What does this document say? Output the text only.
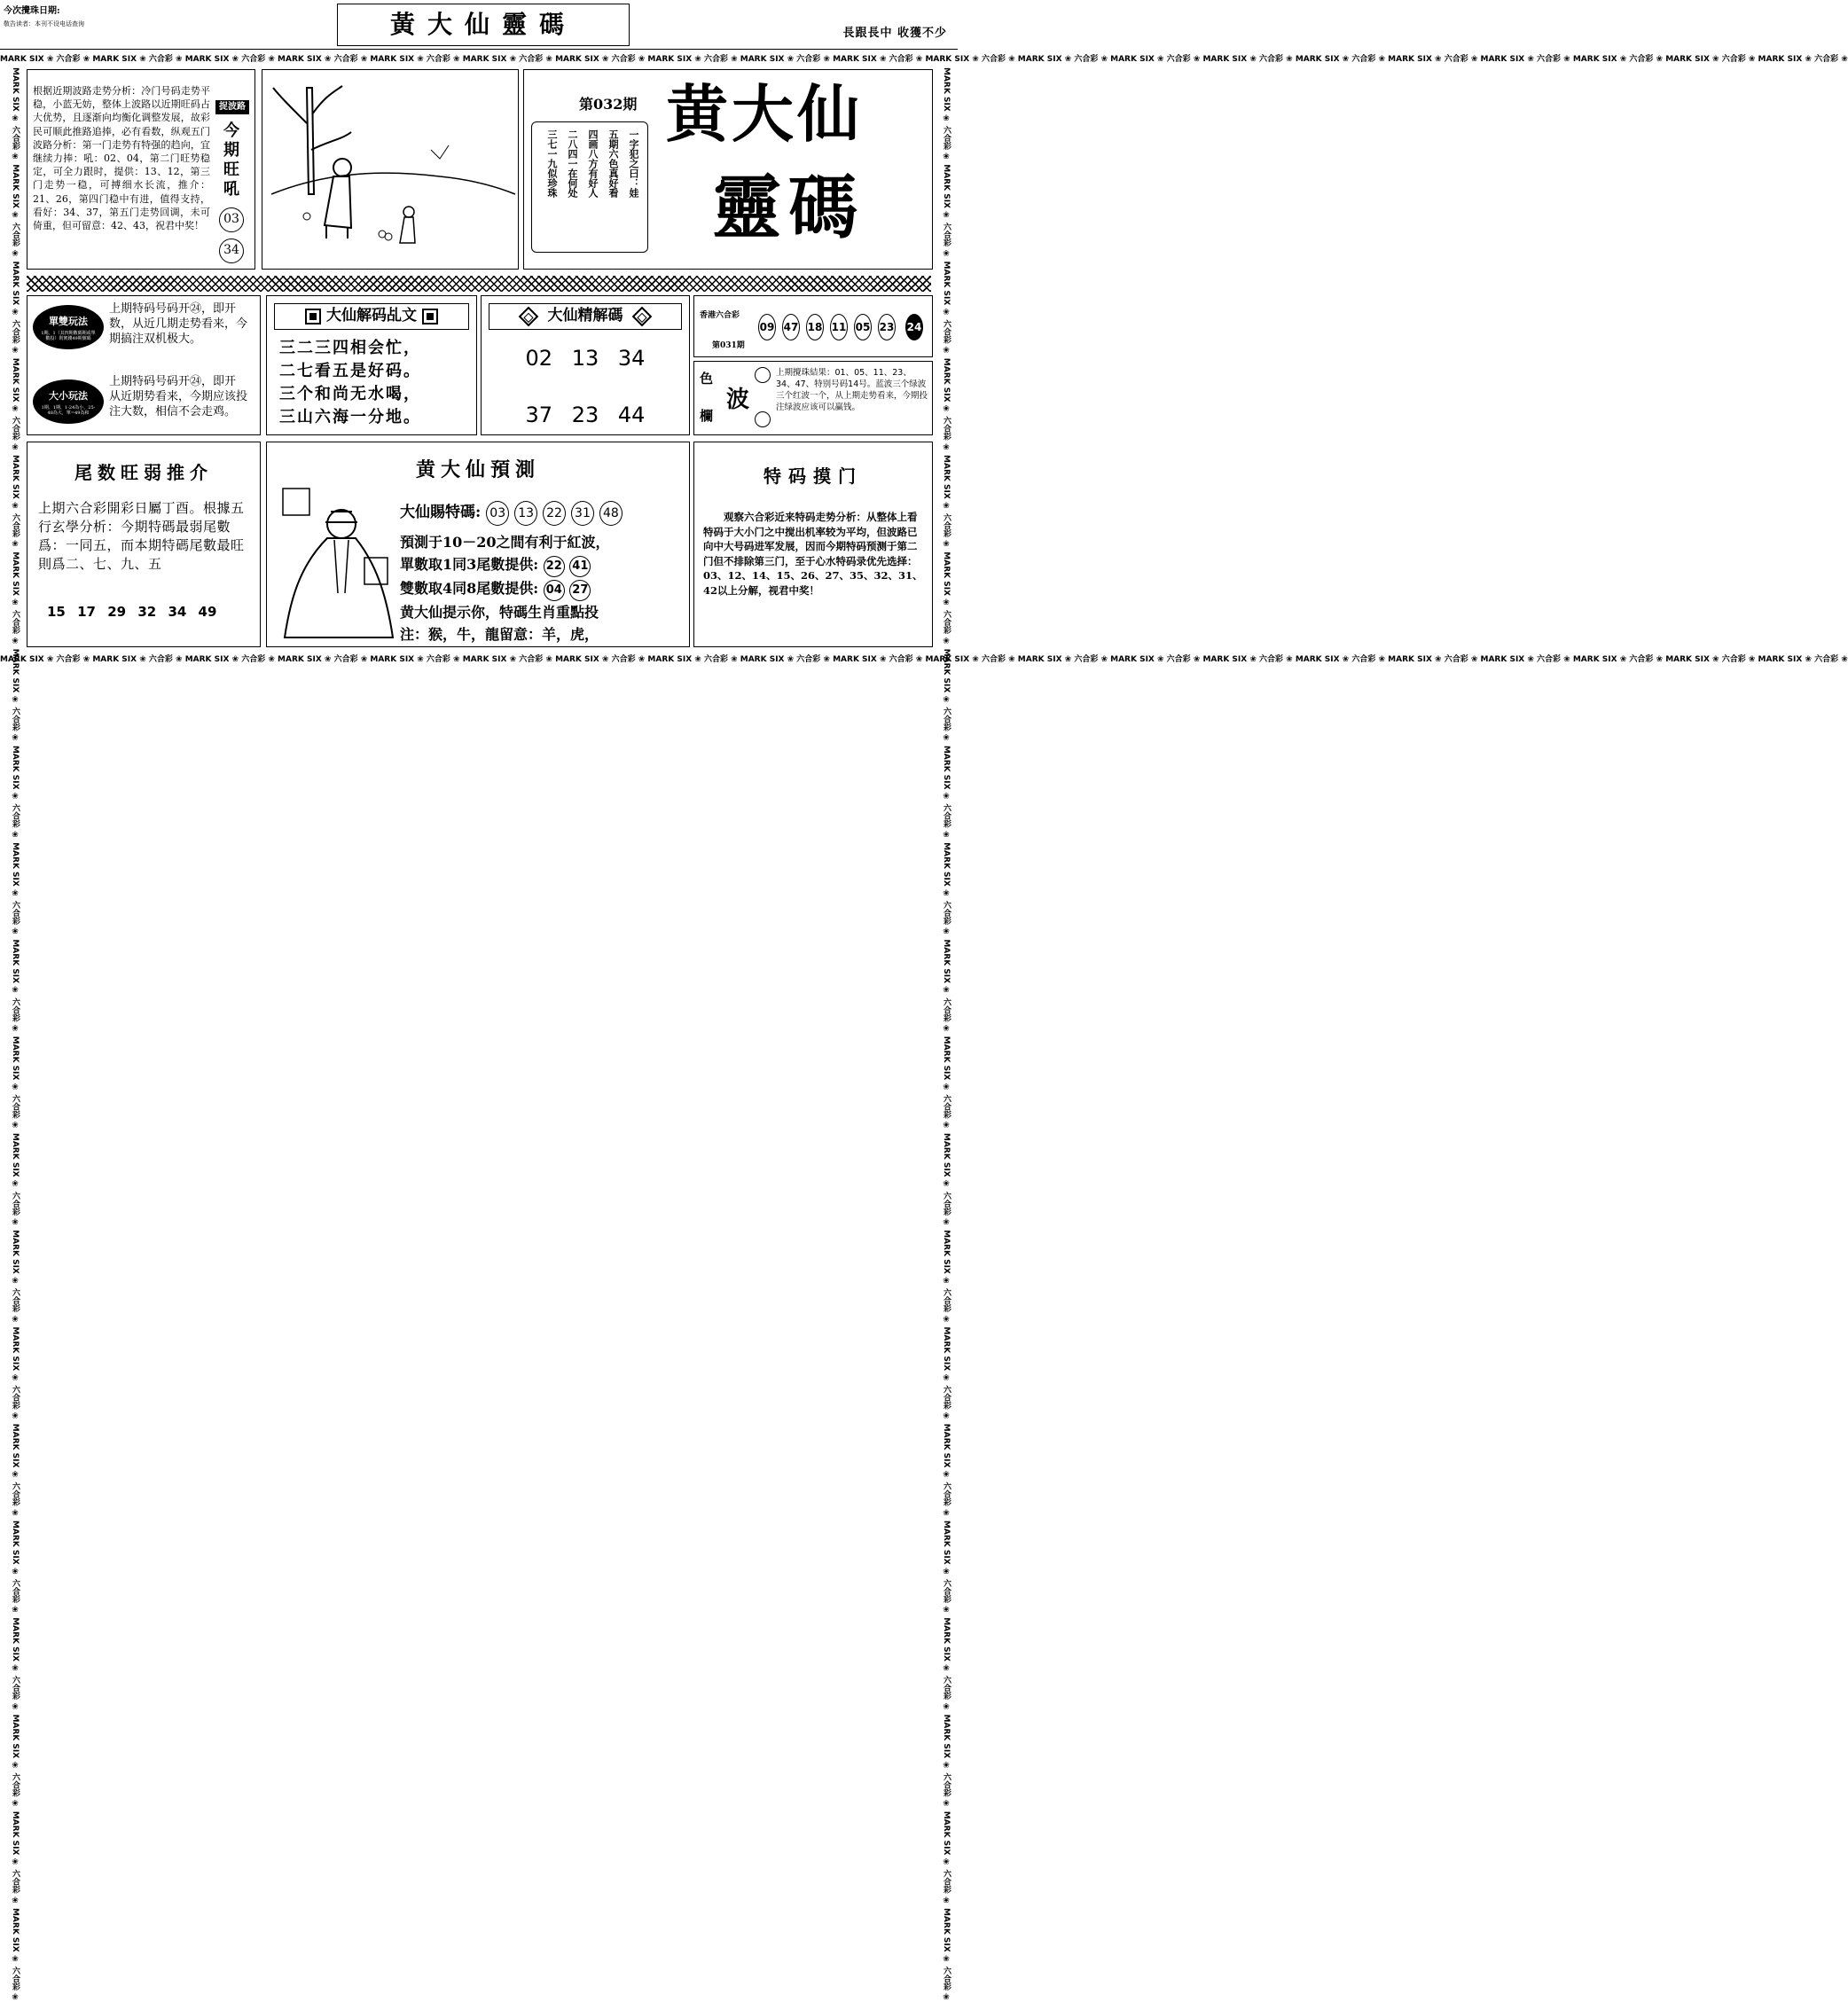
今次攪珠日期:
敬告读者：本刊不设电话查询	黃大仙靈碼	長跟長中 收獲不少
MARK SIX ❀ 六合彩 ❀ MARK SIX ❀ 六合彩 ❀ MARK SIX ❀ 六合彩 ❀ MARK SIX ❀ 六合彩 ❀ MARK SIX ❀ 六合彩 ❀ MARK SIX ❀ 六合彩 ❀ MARK SIX ❀ 六合彩 ❀ MARK SIX ❀ 六合彩 ❀ MARK SIX ❀ 六合彩 ❀ MARK SIX ❀ 六合彩 ❀ MARK SIX ❀ 六合彩 ❀ MARK SIX ❀ 六合彩 ❀ MARK SIX ❀ 六合彩 ❀ MARK SIX ❀ 六合彩 ❀ MARK SIX ❀ 六合彩 ❀ MARK SIX ❀ 六合彩 ❀ MARK SIX ❀ 六合彩 ❀ MARK SIX ❀ 六合彩 ❀ MARK SIX ❀ 六合彩 ❀ MARK SIX ❀ 六合彩 ❀
MARK SIX ❀ 六合彩 ❀ MARK SIX ❀ 六合彩 ❀ MARK SIX ❀ 六合彩 ❀ MARK SIX ❀ 六合彩 ❀ MARK SIX ❀ 六合彩 ❀ MARK SIX ❀ 六合彩 ❀ MARK SIX ❀ 六合彩 ❀ MARK SIX ❀ 六合彩 ❀ MARK SIX ❀ 六合彩 ❀ MARK SIX ❀ 六合彩 ❀ MARK SIX ❀ 六合彩 ❀ MARK SIX ❀ 六合彩 ❀ MARK SIX ❀ 六合彩 ❀ MARK SIX ❀ 六合彩 ❀ MARK SIX ❀ 六合彩 ❀ MARK SIX ❀ 六合彩 ❀ MARK SIX ❀ 六合彩 ❀ MARK SIX ❀ 六合彩 ❀ MARK SIX ❀ 六合彩 ❀ MARK SIX ❀ 六合彩 ❀
MARK SIX ❀ 六合彩 ❀ MARK SIX ❀ 六合彩 ❀ MARK SIX ❀ 六合彩 ❀ MARK SIX ❀ 六合彩 ❀ MARK SIX ❀ 六合彩 ❀ MARK SIX ❀ 六合彩 ❀ MARK SIX ❀ 六合彩 ❀ MARK SIX ❀ 六合彩 ❀ MARK SIX ❀ 六合彩 ❀ MARK SIX ❀ 六合彩 ❀ MARK SIX ❀ 六合彩 ❀ MARK SIX ❀ 六合彩 ❀ MARK SIX ❀ 六合彩 ❀ MARK SIX ❀ 六合彩 ❀ MARK SIX ❀ 六合彩 ❀ MARK SIX ❀ 六合彩 ❀ MARK SIX ❀ 六合彩 ❀ MARK SIX ❀ 六合彩 ❀ MARK SIX ❀ 六合彩 ❀ MARK SIX ❀ 六合彩 ❀	MARK SIX ❀ 六合彩 ❀ MARK SIX ❀ 六合彩 ❀ MARK SIX ❀ 六合彩 ❀ MARK SIX ❀ 六合彩 ❀ MARK SIX ❀ 六合彩 ❀ MARK SIX ❀ 六合彩 ❀ MARK SIX ❀ 六合彩 ❀ MARK SIX ❀ 六合彩 ❀ MARK SIX ❀ 六合彩 ❀ MARK SIX ❀ 六合彩 ❀ MARK SIX ❀ 六合彩 ❀ MARK SIX ❀ 六合彩 ❀ MARK SIX ❀ 六合彩 ❀ MARK SIX ❀ 六合彩 ❀ MARK SIX ❀ 六合彩 ❀ MARK SIX ❀ 六合彩 ❀ MARK SIX ❀ 六合彩 ❀ MARK SIX ❀ 六合彩 ❀ MARK SIX ❀ 六合彩 ❀ MARK SIX ❀ 六合彩 ❀
根据近期波路走势分析：冷门号码走势平稳，小蓝无妨，整体上波路以近期旺码占大优势，且逐渐向均衡化调整发展，故彩民可顺此推路追捧，必有看数，纵观五门波路分析：第一门走势有特强的趋向，宜继续力捧：吼：02、04，第二门旺势稳定，可全力跟时，提供：13、12，第三门走势一稳，可搏细水长流，推介：21、26，第四门稳中有进，值得支持，看好：34、37，第五门走势回调，未可倚重，但可留意：42、43，祝君中奖！
捉波路
今期旺吼
03
34
第032期
一字犯之曰：娃
五期六色真好看
四画八方有好人
二八四一在何处
三七一九似珍珠
黄大仙
靈碼
單雙玩法
1期、1（其四期數碼期或單數投）則實錢49期號碼
上期特码号码开㉔，即开　数，从近几期走势看来，今期搞注双机极大。
大小玩法
1期、1期、1-24為小，25-48為大，單=49為和
上期特码号码开㉔，即开　从近期势看来，今期应该投注大数，相信不会走鸡。
大仙解码乩文
三二三四相会忙，
二七看五是好码。
三个和尚无水喝，
三山六海一分地。
大仙精解碼
02 13 34
37 23 44
香港六合彩
第031期
09 47 18 11 05 23 24
色
欄
波
上期攪珠結果：01、05、11、23、34、47、特别号码14号。蓝波三个绿波三个红波一个，从上期走势看来，今期投注绿波应该可以赢钱。
尾数旺弱推介
上期六合彩開彩日屬丁酉。根據五行玄學分析：今期特碼最弱尾數爲：一同五，而本期特碼尾數最旺則爲二、七、九、五
15 17 29 32 34 49
黄大仙預測
大仙賜特碼: 03 13 22 31 48
預測于10－20之間有利于紅波，
單數取1同3尾數提供: 22 41
雙數取4同8尾數提供: 04 27
黄大仙提示你，特碼生肖重點投
注：猴，牛，龍留意：羊，虎，
特码摸门
观察六合彩近来特码走势分析：从整体上看特码于大小门之中搅出机率较为平均，但波路已向中大号码进军发展，因而今期特码预测于第二门但不排除第三门，至于心水特码录优先选择：03、12、14、15、26、27、35、32、31、42以上分解，视君中奖！
